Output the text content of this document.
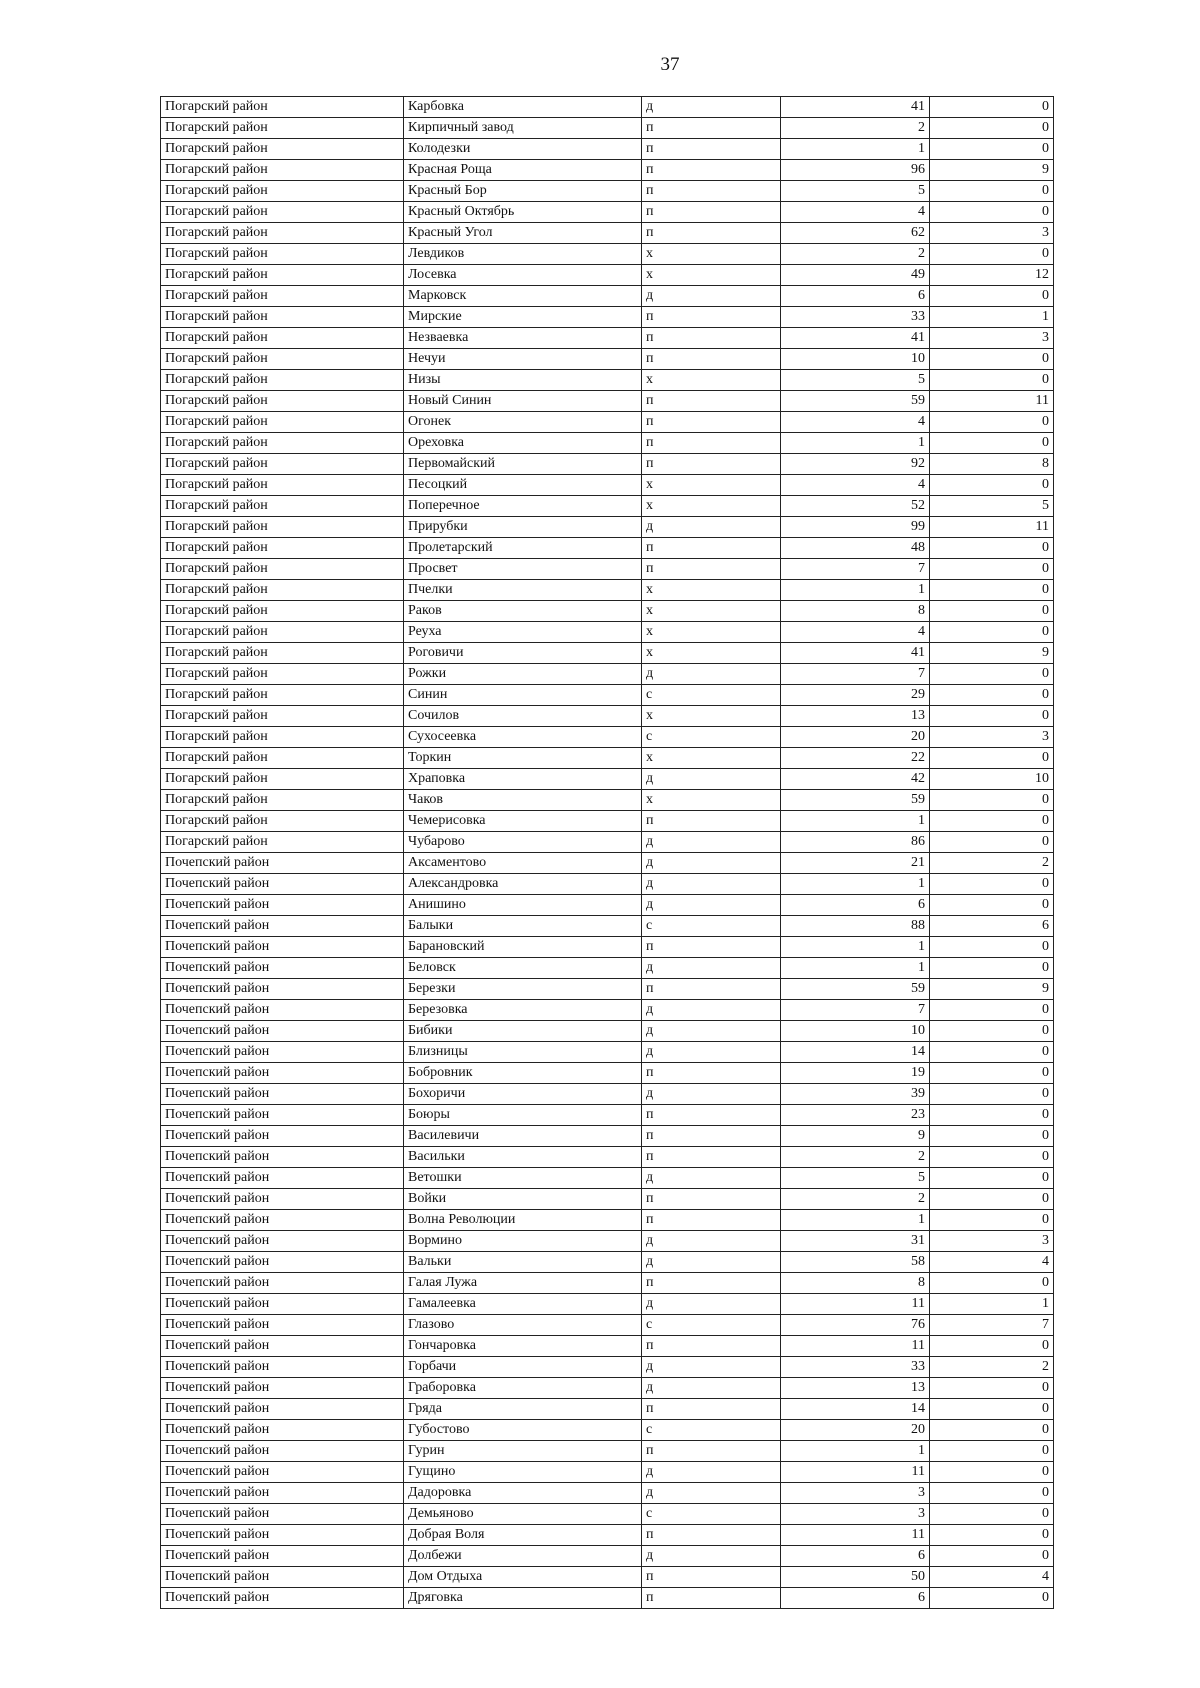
37
Погарский район	Карбовка	д	41	0
Погарский район	Кирпичный завод	п	2	0
Погарский район	Колодезки	п	1	0
Погарский район	Красная Роща	п	96	9
Погарский район	Красный Бор	п	5	0
Погарский район	Красный Октябрь	п	4	0
Погарский район	Красный Угол	п	62	3
Погарский район	Левдиков	х	2	0
Погарский район	Лосевка	х	49	12
Погарский район	Марковск	д	6	0
Погарский район	Мирские	п	33	1
Погарский район	Незваевка	п	41	3
Погарский район	Нечуи	п	10	0
Погарский район	Низы	х	5	0
Погарский район	Новый Синин	п	59	11
Погарский район	Огонек	п	4	0
Погарский район	Ореховка	п	1	0
Погарский район	Первомайский	п	92	8
Погарский район	Песоцкий	х	4	0
Погарский район	Поперечное	х	52	5
Погарский район	Прирубки	д	99	11
Погарский район	Пролетарский	п	48	0
Погарский район	Просвет	п	7	0
Погарский район	Пчелки	х	1	0
Погарский район	Раков	х	8	0
Погарский район	Реуха	х	4	0
Погарский район	Роговичи	х	41	9
Погарский район	Рожки	д	7	0
Погарский район	Синин	с	29	0
Погарский район	Сочилов	х	13	0
Погарский район	Сухосеевка	с	20	3
Погарский район	Торкин	х	22	0
Погарский район	Храповка	д	42	10
Погарский район	Чаков	х	59	0
Погарский район	Чемерисовка	п	1	0
Погарский район	Чубарово	д	86	0
Почепский район	Аксаментово	д	21	2
Почепский район	Александровка	д	1	0
Почепский район	Анишино	д	6	0
Почепский район	Балыки	с	88	6
Почепский район	Барановский	п	1	0
Почепский район	Беловск	д	1	0
Почепский район	Березки	п	59	9
Почепский район	Березовка	д	7	0
Почепский район	Бибики	д	10	0
Почепский район	Близницы	д	14	0
Почепский район	Бобровник	п	19	0
Почепский район	Бохоричи	д	39	0
Почепский район	Боюры	п	23	0
Почепский район	Василевичи	п	9	0
Почепский район	Васильки	п	2	0
Почепский район	Ветошки	д	5	0
Почепский район	Войки	п	2	0
Почепский район	Волна Революции	п	1	0
Почепский район	Вормино	д	31	3
Почепский район	Вальки	д	58	4
Почепский район	Галая Лужа	п	8	0
Почепский район	Гамалеевка	д	11	1
Почепский район	Глазово	с	76	7
Почепский район	Гончаровка	п	11	0
Почепский район	Горбачи	д	33	2
Почепский район	Граборовка	д	13	0
Почепский район	Гряда	п	14	0
Почепский район	Губостово	с	20	0
Почепский район	Гурин	п	1	0
Почепский район	Гущино	д	11	0
Почепский район	Дадоровка	д	3	0
Почепский район	Демьяново	с	3	0
Почепский район	Добрая Воля	п	11	0
Почепский район	Долбежи	д	6	0
Почепский район	Дом Отдыха	п	50	4
Почепский район	Дряговка	п	6	0
